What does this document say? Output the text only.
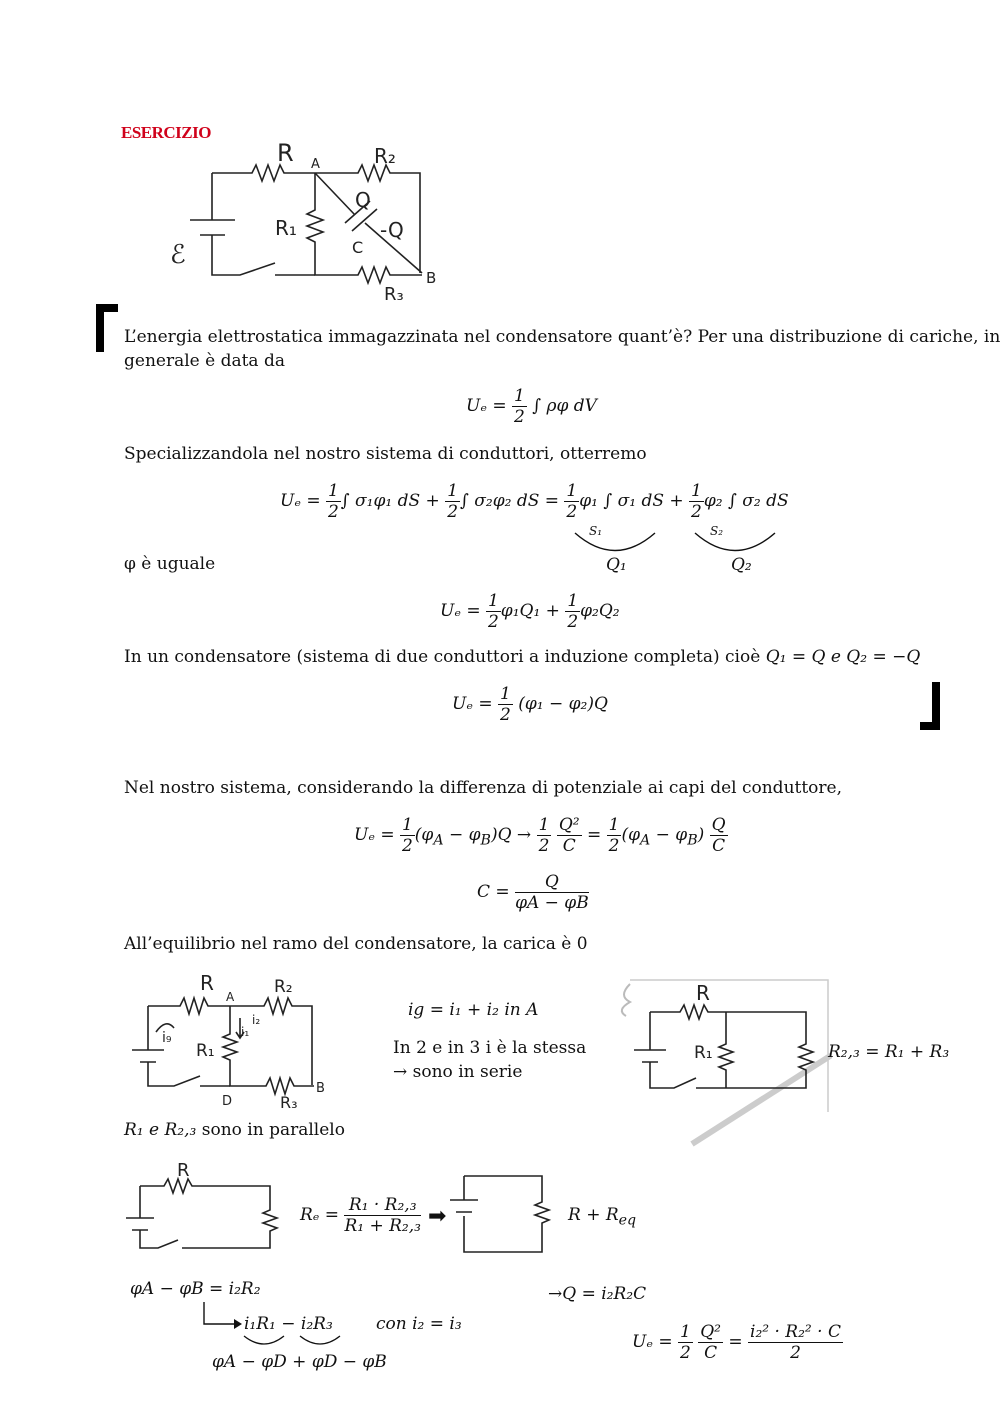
ESERCIZIO
R A	R₂
R₁
Q
-Q
C
ℰ
B
R₃
L’energia elettrostatica immagazzinata nel condensatore quant’è? Per una distribuzione di cariche, in
generale è data da
$U_e = \frac{1}{2}$ ∫ ρφ dV
Specializzandola nel nostro sistema di conduttori, otterremo
$U_e = \frac{1}{2}$ ∫ σ₁φ₁ dS + $\frac{1}{2}$ ∫ σ₂φ₂ dS = $\frac{1}{2} \varphi_1$ ∫ σ₁ dS + $\frac{1}{2} \varphi_2$ ∫ σ₂ dS
S₁	S₂
φ è uguale	Q₁	Q₂
$U_e = \frac{1}{2} \varphi_1Q_1 + \frac{1}{2} \varphi_2Q_2$
In un condensatore (sistema di due conduttori a induzione completa) cioè Q₁ = Q e Q₂ = −Q
$U_e = \frac{1}{2} (\varphi_1 - \varphi_2)Q$
Nel nostro sistema, considerando la differenza di potenziale ai capi del conduttore,
$U_e = \frac{1}{2} (\varphi_A - \varphi_B)Q \to \frac{1}{2}$
$\frac{\text{Q²}}{C} = \frac{1}{2} (\varphi_A - \varphi_B) \frac{Q}{C}$
$C = \frac{Q}{\varphi A - \varphi B}$
All’equilibrio nel ramo del condensatore, la carica è 0
R
A R₂
i₉	i₁
i₂
R₁
D
B
R₃
ig = i₁ + i₂ in A
In 2 e in 3 i è la stessa
→ sono in serie
R
R₁	R₂,₃ = R₁ + R₃
R₁ e R₂,₃ sono in parallelo
R
$R_e = \frac{\text{R₁ · R₂,₃}}{\text{R₁ + R₂,₃}}$ ➡	$R + R_{eq}$
φA − φB = i₂R₂
i₁R₁ − i₂R₃	con i₂ = i₃
φA − φD + φD − φB
→Q = i₂R₂C
$U_e = \frac{1}{2}$
$\frac{\text{Q²}}{C} = \frac{\text{i₂² · R₂² · C}}{2}$
